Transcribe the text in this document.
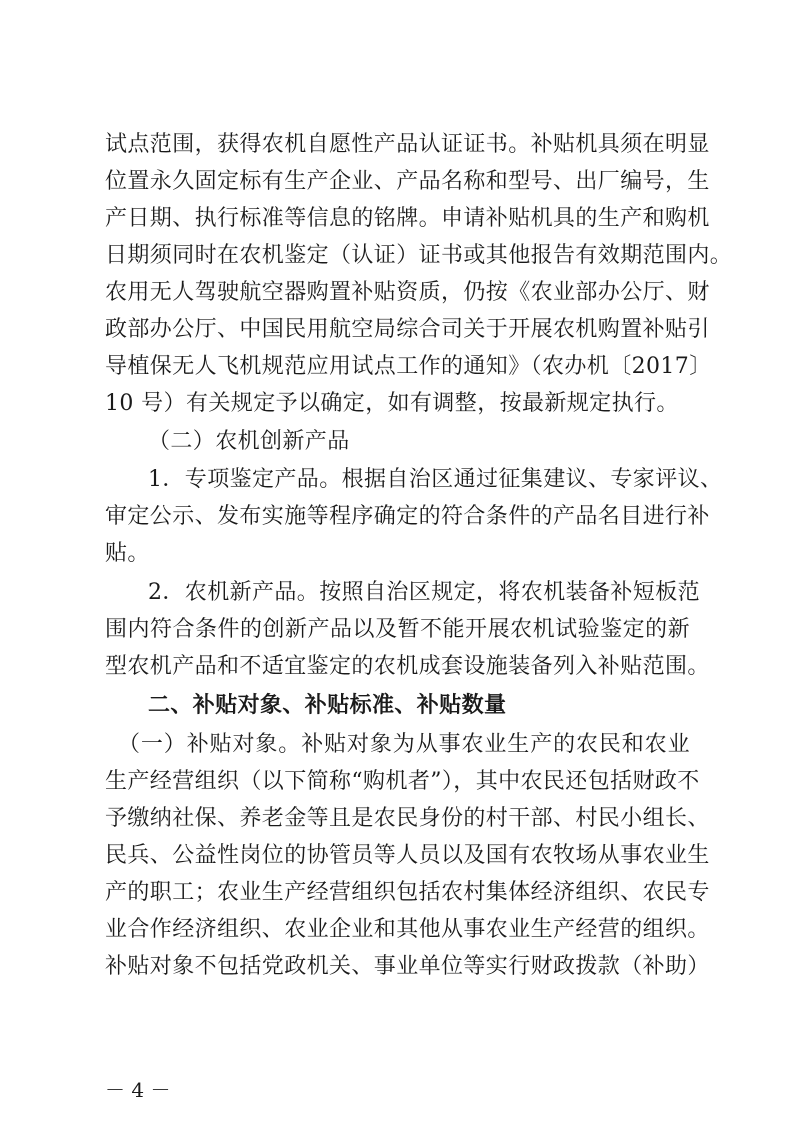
试点范围，获得农机自愿性产品认证证书。补贴机具须在明显
位置永久固定标有生产企业、产品名称和型号、出厂编号，生
产日期、执行标准等信息的铭牌。申请补贴机具的生产和购机
日期须同时在农机鉴定（认证）证书或其他报告有效期范围内。
农用无人驾驶航空器购置补贴资质，仍按《农业部办公厅、财
政部办公厅、中国民用航空局综合司关于开展农机购置补贴引
导植保无人飞机规范应用试点工作的通知》（农办机〔2017〕
10 号）有关规定予以确定，如有调整，按最新规定执行。
（二）农机创新产品
1．专项鉴定产品。根据自治区通过征集建议、专家评议、
审定公示、发布实施等程序确定的符合条件的产品名目进行补
贴。
2．农机新产品。按照自治区规定，将农机装备补短板范
围内符合条件的创新产品以及暂不能开展农机试验鉴定的新
型农机产品和不适宜鉴定的农机成套设施装备列入补贴范围。
二、补贴对象、补贴标准、补贴数量
（一）补贴对象。补贴对象为从事农业生产的农民和农业
生产经营组织（以下简称“购机者”），其中农民还包括财政不
予缴纳社保、养老金等且是农民身份的村干部、村民小组长、
民兵、公益性岗位的协管员等人员以及国有农牧场从事农业生
产的职工；农业生产经营组织包括农村集体经济组织、农民专
业合作经济组织、农业企业和其他从事农业生产经营的组织。
补贴对象不包括党政机关、事业单位等实行财政拨款（补助）
－ 4 －
